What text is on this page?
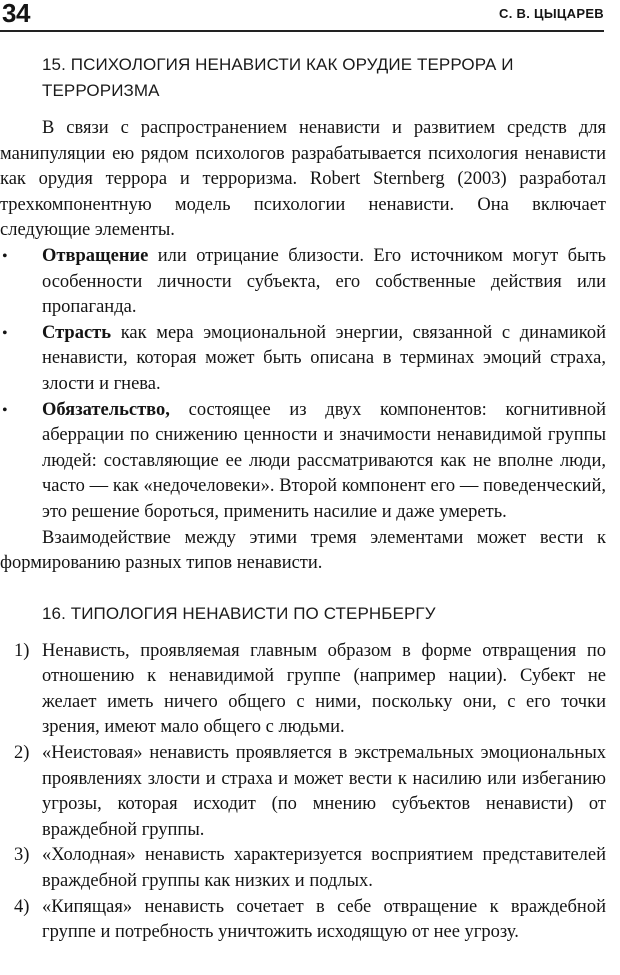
34	С. В. ЦЫЦАРЕВ
15. ПСИХОЛОГИЯ НЕНАВИСТИ КАК ОРУДИЕ ТЕРРОРА И ТЕРРОРИЗМА

В связи с распространением ненависти и развитием средств для манипуляции ею рядом психологов разрабатывается психология ненависти как орудия террора и терроризма. Robert Sternberg (2003) разработал трехкомпонентную модель психологии ненависти. Она включает следующие элементы.

• Отвращение или отрицание близости. Его источником могут быть особенности личности субъекта, его собственные действия или пропаганда.
• Страсть как мера эмоциональной энергии, связанной с динамикой ненависти, которая может быть описана в терминах эмоций страха, злости и гнева.
• Обязательство, состоящее из двух компонентов: когнитивной аберрации по снижению ценности и значимости ненавидимой группы людей: составляющие ее люди рассматриваются как не вполне люди, часто — как «недочеловеки». Второй компонент его — поведенческий, это решение бороться, применить насилие и даже умереть.

Взаимодействие между этими тремя элементами может вести к формированию разных типов ненависти.

16. ТИПОЛОГИЯ НЕНАВИСТИ ПО СТЕРНБЕРГУ
1) Ненависть, проявляемая главным образом в форме отвращения по отношению к ненавидимой группе (например нации). Субект не желает иметь ничего общего с ними, поскольку они, с его точки зрения, имеют мало общего с людьми.
2) «Неистовая» ненависть проявляется в экстремальных эмоциональных проявлениях злости и страха и может вести к насилию или избеганию угрозы, которая исходит (по мнению субъектов ненависти) от враждебной группы.
3) «Холодная» ненависть характеризуется восприятием представителей враждебной группы как низких и подлых.
4) «Кипящая» ненависть сочетает в себе отвращение к враждебной группе и потребность уничтожить исходящую от нее угрозу.
